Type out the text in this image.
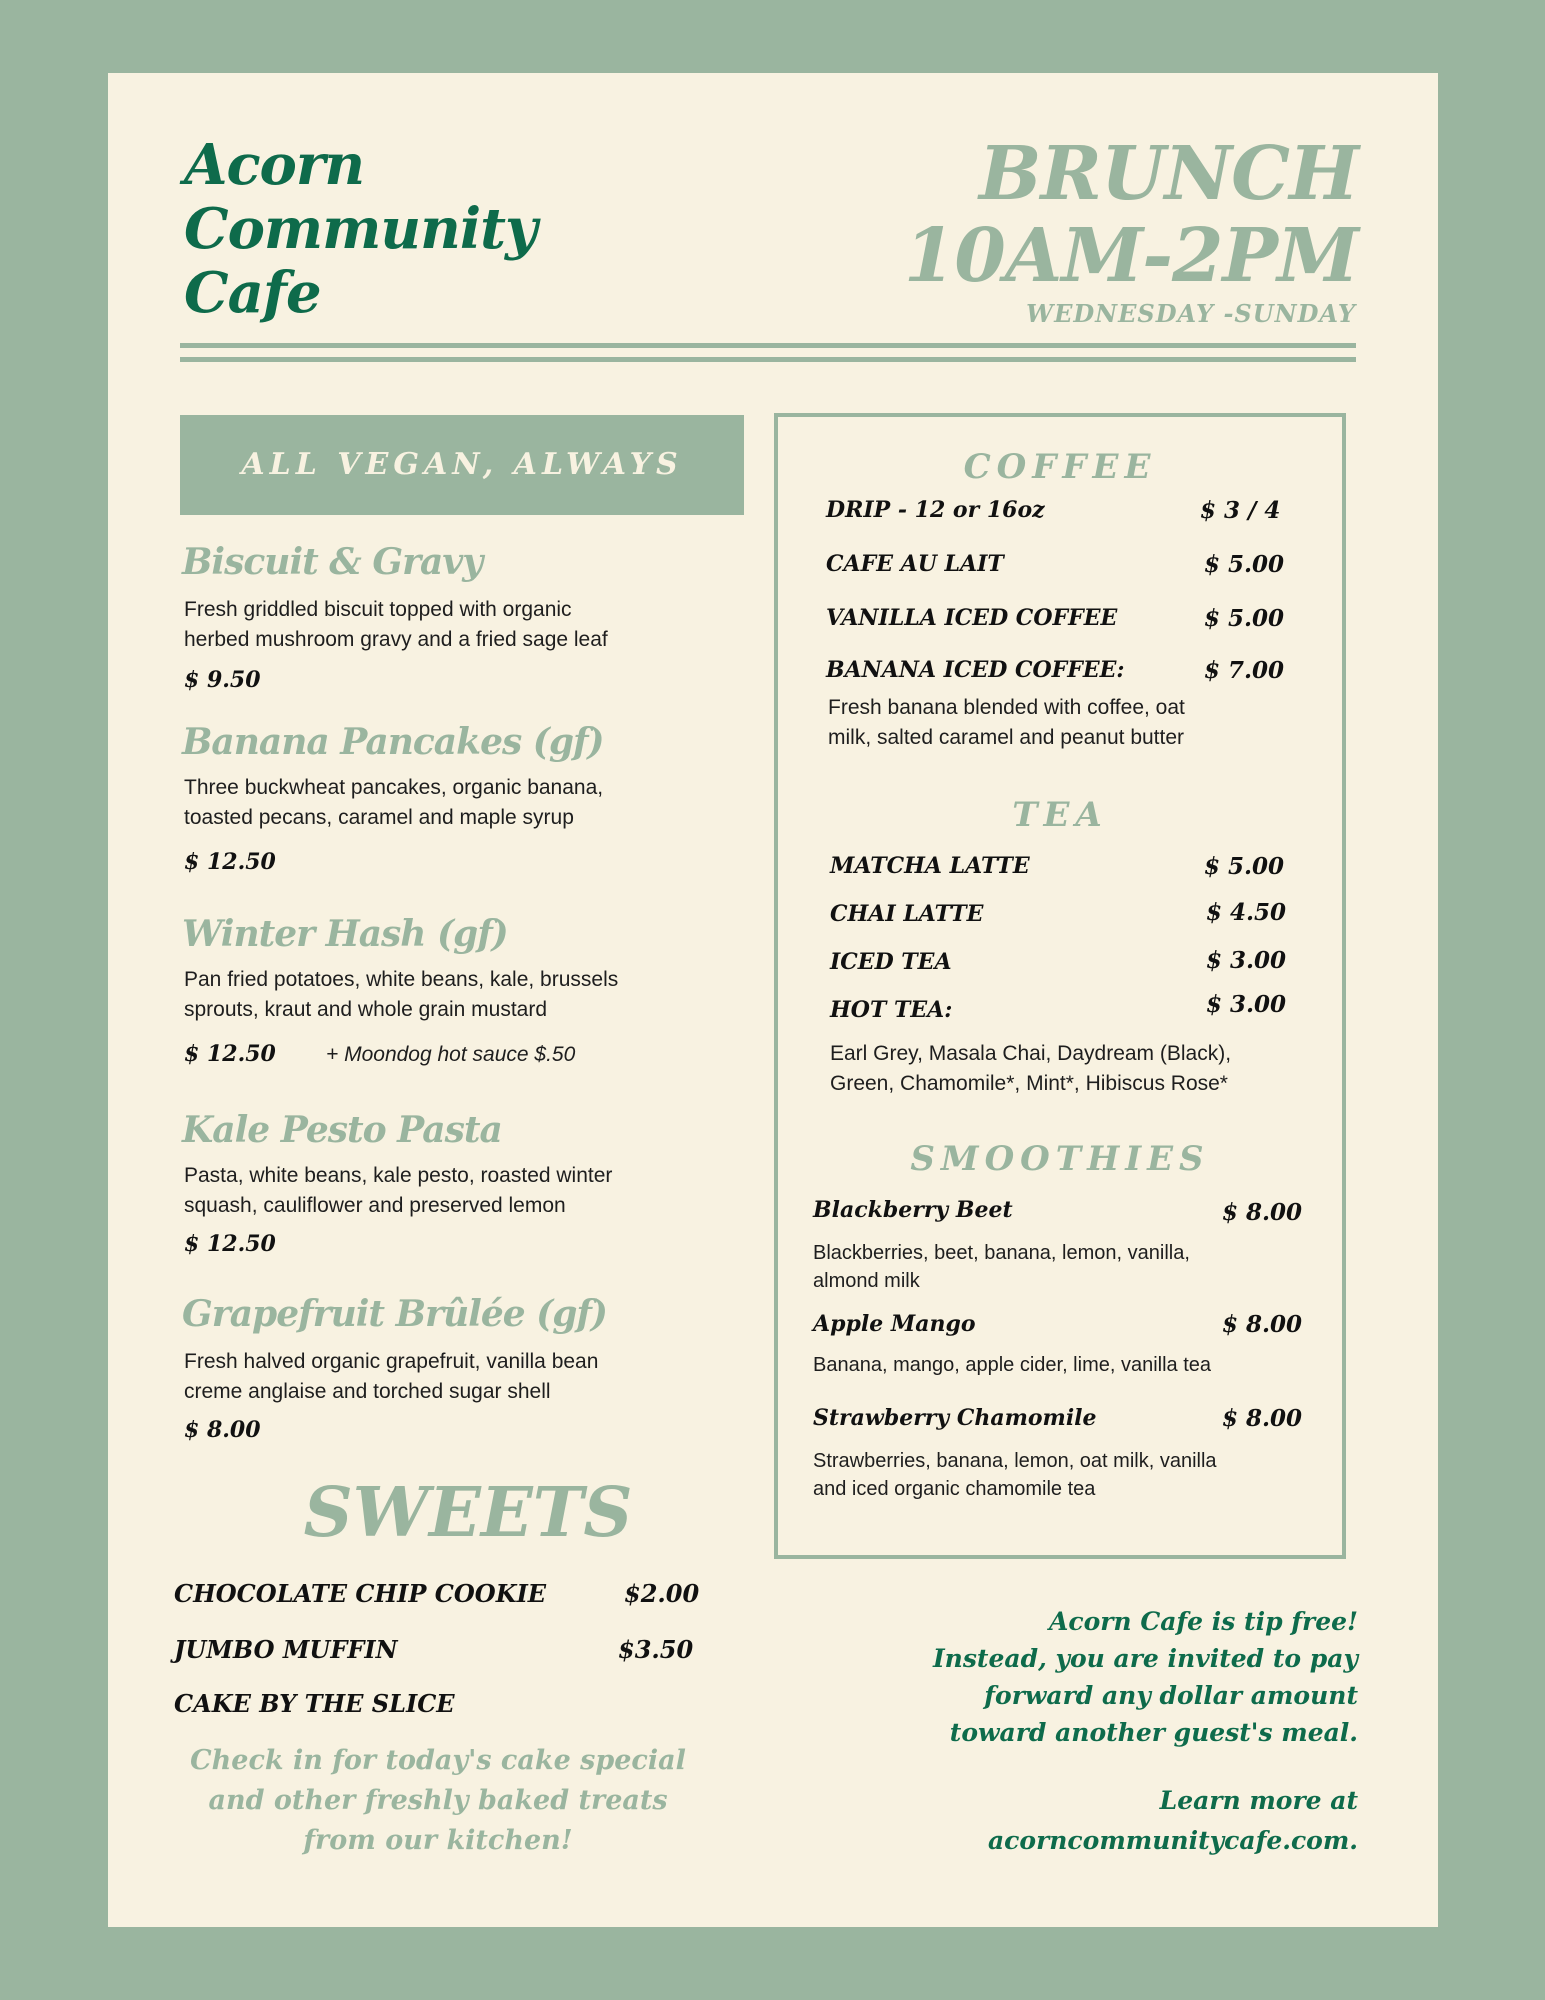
Acorn
Community
Cafe
BRUNCH
10AM-2PM
WEDNESDAY -SUNDAY
ALL VEGAN, ALWAYS
Biscuit & Gravy
Fresh griddled biscuit topped with organic
herbed mushroom gravy and a fried sage leaf
$ 9.50
Banana Pancakes (gf)
Three buckwheat pancakes, organic banana,
toasted pecans, caramel and maple syrup
$ 12.50
Winter Hash (gf)
Pan fried potatoes, white beans, kale, brussels
sprouts, kraut and whole grain mustard
$ 12.50 + Moondog hot sauce $.50
Kale Pesto Pasta
Pasta, white beans, kale pesto, roasted winter
squash, cauliflower and preserved lemon
$ 12.50
Grapefruit Brûlée (gf)
Fresh halved organic grapefruit, vanilla bean
creme anglaise and torched sugar shell
$ 8.00
SWEETS
CHOCOLATE CHIP COOKIE	$2.00
JUMBO MUFFIN	$3.50
CAKE BY THE SLICE
Check in for today's cake special
and other freshly baked treats
from our kitchen!
COFFEE
DRIP - 12 or 16oz	$ 3 / 4
CAFE AU LAIT	$ 5.00
VANILLA ICED COFFEE	$ 5.00
BANANA ICED COFFEE:	$ 7.00
Fresh banana blended with coffee, oat
milk, salted caramel and peanut butter
TEA
MATCHA LATTE	$ 5.00
CHAI LATTE	$ 4.50
ICED TEA	$ 3.00
HOT TEA:	$ 3.00
Earl Grey, Masala Chai, Daydream (Black),
Green, Chamomile*, Mint*, Hibiscus Rose*
SMOOTHIES
Blackberry Beet	$ 8.00
Blackberries, beet, banana, lemon, vanilla,
almond milk
Apple Mango	$ 8.00
Banana, mango, apple cider, lime, vanilla tea
Strawberry Chamomile	$ 8.00
Strawberries, banana, lemon, oat milk, vanilla
and iced organic chamomile tea
Acorn Cafe is tip free!
Instead, you are invited to pay
forward any dollar amount
toward another guest's meal.
Learn more at
acorncommunitycafe.com.
